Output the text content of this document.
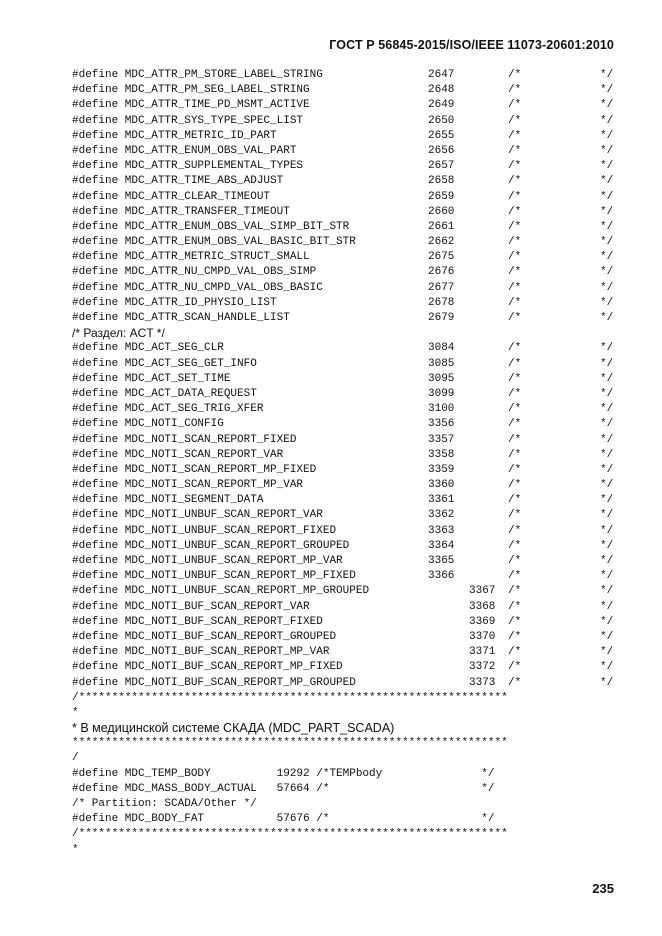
ГОСТ Р 56845-2015/ISO/IEEE 11073-20601:2010
#define MDC_ATTR_PM_STORE_LABEL_STRING	2647	/*	*/
#define MDC_ATTR_PM_SEG_LABEL_STRING	2648	/*	*/
#define MDC_ATTR_TIME_PD_MSMT_ACTIVE	2649	/*	*/
#define MDC_ATTR_SYS_TYPE_SPEC_LIST	2650	/*	*/
#define MDC_ATTR_METRIC_ID_PART	2655	/*	*/
#define MDC_ATTR_ENUM_OBS_VAL_PART	2656	/*	*/
#define MDC_ATTR_SUPPLEMENTAL_TYPES	2657	/*	*/
#define MDC_ATTR_TIME_ABS_ADJUST	2658	/*	*/
#define MDC_ATTR_CLEAR_TIMEOUT	2659	/*	*/
#define MDC_ATTR_TRANSFER_TIMEOUT	2660	/*	*/
#define MDC_ATTR_ENUM_OBS_VAL_SIMP_BIT_STR	2661	/*	*/
#define MDC_ATTR_ENUM_OBS_VAL_BASIC_BIT_STR	2662	/*	*/
#define MDC_ATTR_METRIC_STRUCT_SMALL	2675	/*	*/
#define MDC_ATTR_NU_CMPD_VAL_OBS_SIMP	2676	/*	*/
#define MDC_ATTR_NU_CMPD_VAL_OBS_BASIC	2677	/*	*/
#define MDC_ATTR_ID_PHYSIO_LIST	2678	/*	*/
#define MDC_ATTR_SCAN_HANDLE_LIST	2679	/*	*/
/* Раздел: ACT */
#define MDC_ACT_SEG_CLR	3084	/*	*/
#define MDC_ACT_SEG_GET_INFO	3085	/*	*/
#define MDC_ACT_SET_TIME	3095	/*	*/
#define MDC_ACT_DATA_REQUEST	3099	/*	*/
#define MDC_ACT_SEG_TRIG_XFER	3100	/*	*/
#define MDC_NOTI_CONFIG	3356	/*	*/
#define MDC_NOTI_SCAN_REPORT_FIXED	3357	/*	*/
#define MDC_NOTI_SCAN_REPORT_VAR	3358	/*	*/
#define MDC_NOTI_SCAN_REPORT_MP_FIXED	3359	/*	*/
#define MDC_NOTI_SCAN_REPORT_MP_VAR	3360	/*	*/
#define MDC_NOTI_SEGMENT_DATA	3361	/*	*/
#define MDC_NOTI_UNBUF_SCAN_REPORT_VAR	3362	/*	*/
#define MDC_NOTI_UNBUF_SCAN_REPORT_FIXED	3363	/*	*/
#define MDC_NOTI_UNBUF_SCAN_REPORT_GROUPED	3364	/*	*/
#define MDC_NOTI_UNBUF_SCAN_REPORT_MP_VAR	3365	/*	*/
#define MDC_NOTI_UNBUF_SCAN_REPORT_MP_FIXED	3366	/*	*/
#define MDC_NOTI_UNBUF_SCAN_REPORT_MP_GROUPED	3367 /*	*/
#define MDC_NOTI_BUF_SCAN_REPORT_VAR	3368 /*	*/
#define MDC_NOTI_BUF_SCAN_REPORT_FIXED	3369 /*	*/
#define MDC_NOTI_BUF_SCAN_REPORT_GROUPED	3370 /*	*/
#define MDC_NOTI_BUF_SCAN_REPORT_MP_VAR	3371 /*	*/
#define MDC_NOTI_BUF_SCAN_REPORT_MP_FIXED	3372 /*	*/
#define MDC_NOTI_BUF_SCAN_REPORT_MP_GROUPED	3373 /*	*/
/*****************************************************************
*
* В медицинской системе СКАДА (MDC_PART_SCADA)
******************************************************************
/
#define MDC_TEMP_BODY          19292 /*TEMPbody               */
#define MDC_MASS_BODY_ACTUAL   57664 /*                       */
/* Partition: SCADA/Other */
#define MDC_BODY_FAT           57676 /*                       */
/*****************************************************************
*
235
